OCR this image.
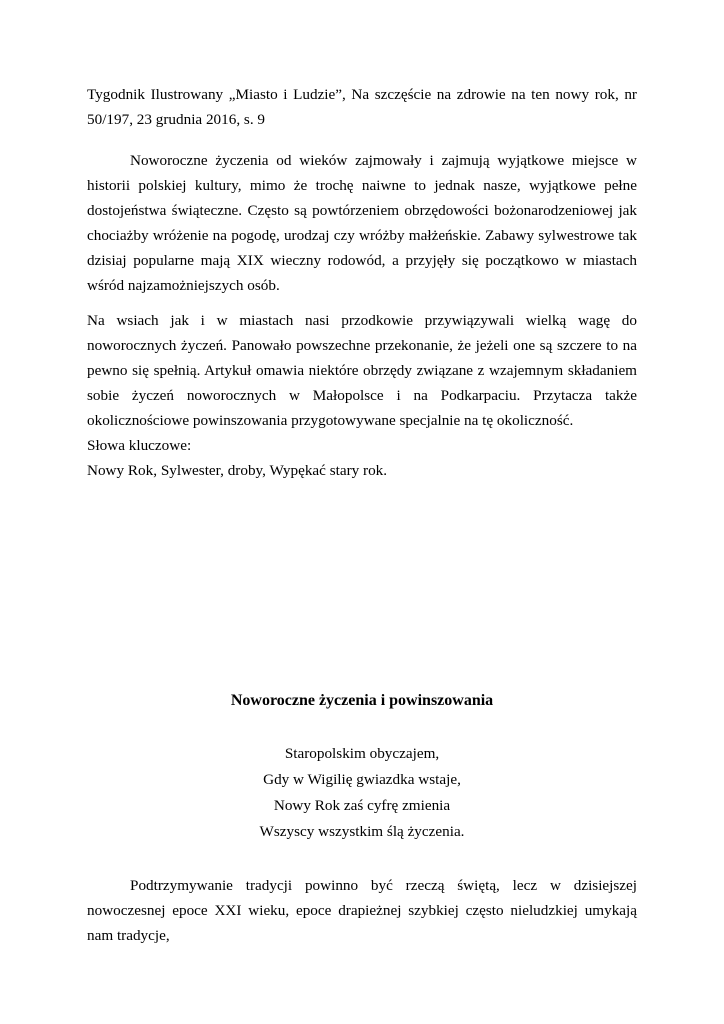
Tygodnik Ilustrowany „Miasto i Ludzie”, Na szczęście na zdrowie na ten nowy rok, nr 50/197, 23 grudnia 2016, s. 9

Noworoczne życzenia od wieków zajmowały i zajmują wyjątkowe miejsce w historii polskiej kultury, mimo że trochę naiwne to jednak nasze, wyjątkowe pełne dostojeństwa świąteczne. Często są powtórzeniem obrzędowości bożonarodzeniowej jak chociażby wróżenie na pogodę, urodzaj czy wróżby małżeńskie. Zabawy sylwestrowe tak dzisiaj popularne mają XIX wieczny rodowód, a przyjęły się początkowo w miastach wśród najzamożniejszych osób.

Na wsiach jak i w miastach nasi przodkowie przywiązywali wielką wagę do noworocznych życzeń. Panowało powszechne przekonanie, że jeżeli one są szczere to na pewno się spełnią. Artykuł omawia niektóre obrzędy związane z wzajemnym składaniem sobie życzeń noworocznych w Małopolsce i na Podkarpaciu. Przytacza także okolicznościowe powinszowania przygotowywane specjalnie na tę okoliczność.

Słowa kluczowe:
Nowy Rok, Sylwester, droby, Wypękać stary rok.
Noworoczne życzenia i powinszowania
Staropolskim obyczajem,
Gdy w Wigilię gwiazdka wstaje,
Nowy Rok zaś cyfrę zmienia
Wszyscy wszystkim ślą życzenia.

Podtrzymywanie tradycji powinno być rzeczą świętą, lecz w dzisiejszej nowoczesnej epoce XXI wieku, epoce drapieżnej szybkiej często nieludzkiej umykają nam tradycje,
